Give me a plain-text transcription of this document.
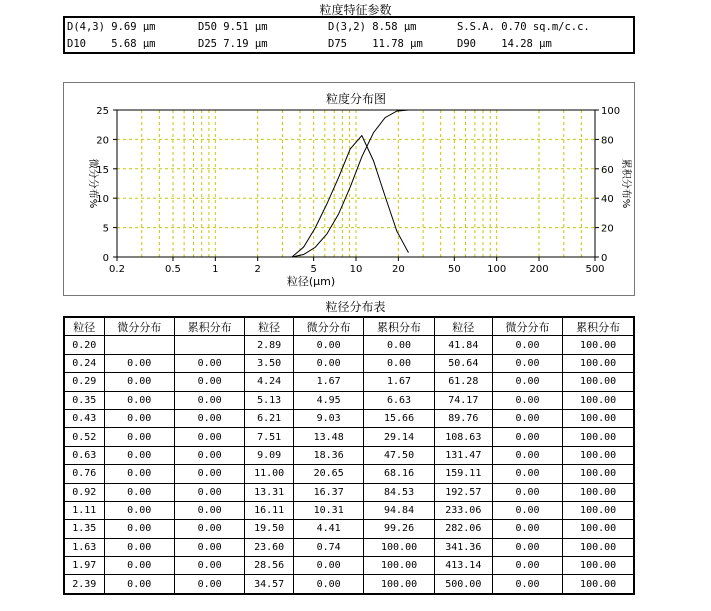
粒度特征参数
D(4,3) 9.69 μm	D50 9.51 μm	D(3,2) 8.58 μm	S.S.A. 0.70 sq.m/c.c.
D10    5.68 μm	D25 7.19 μm	D75    11.78 μm	D90    14.28 μm
粒度分布图
0.2	0.5	1	2	5	10	20	50	100 200	500
0
5
10
15
20
25
0
20
40
60
80
100
粒径(μm)
微分分布%	累积分布%
粒径分布表
粒径	微分分布	累积分布	粒径	微分分布	累积分布	粒径	微分分布	累积分布
0.20			2.89	0.00	0.00	41.84	0.00	100.00
0.24	0.00	0.00	3.50	0.00	0.00	50.64	0.00	100.00
0.29	0.00	0.00	4.24	1.67	1.67	61.28	0.00	100.00
0.35	0.00	0.00	5.13	4.95	6.63	74.17	0.00	100.00
0.43	0.00	0.00	6.21	9.03	15.66	89.76	0.00	100.00
0.52	0.00	0.00	7.51	13.48	29.14	108.63	0.00	100.00
0.63	0.00	0.00	9.09	18.36	47.50	131.47	0.00	100.00
0.76	0.00	0.00	11.00	20.65	68.16	159.11	0.00	100.00
0.92	0.00	0.00	13.31	16.37	84.53	192.57	0.00	100.00
1.11	0.00	0.00	16.11	10.31	94.84	233.06	0.00	100.00
1.35	0.00	0.00	19.50	4.41	99.26	282.06	0.00	100.00
1.63	0.00	0.00	23.60	0.74	100.00	341.36	0.00	100.00
1.97	0.00	0.00	28.56	0.00	100.00	413.14	0.00	100.00
2.39	0.00	0.00	34.57	0.00	100.00	500.00	0.00	100.00
